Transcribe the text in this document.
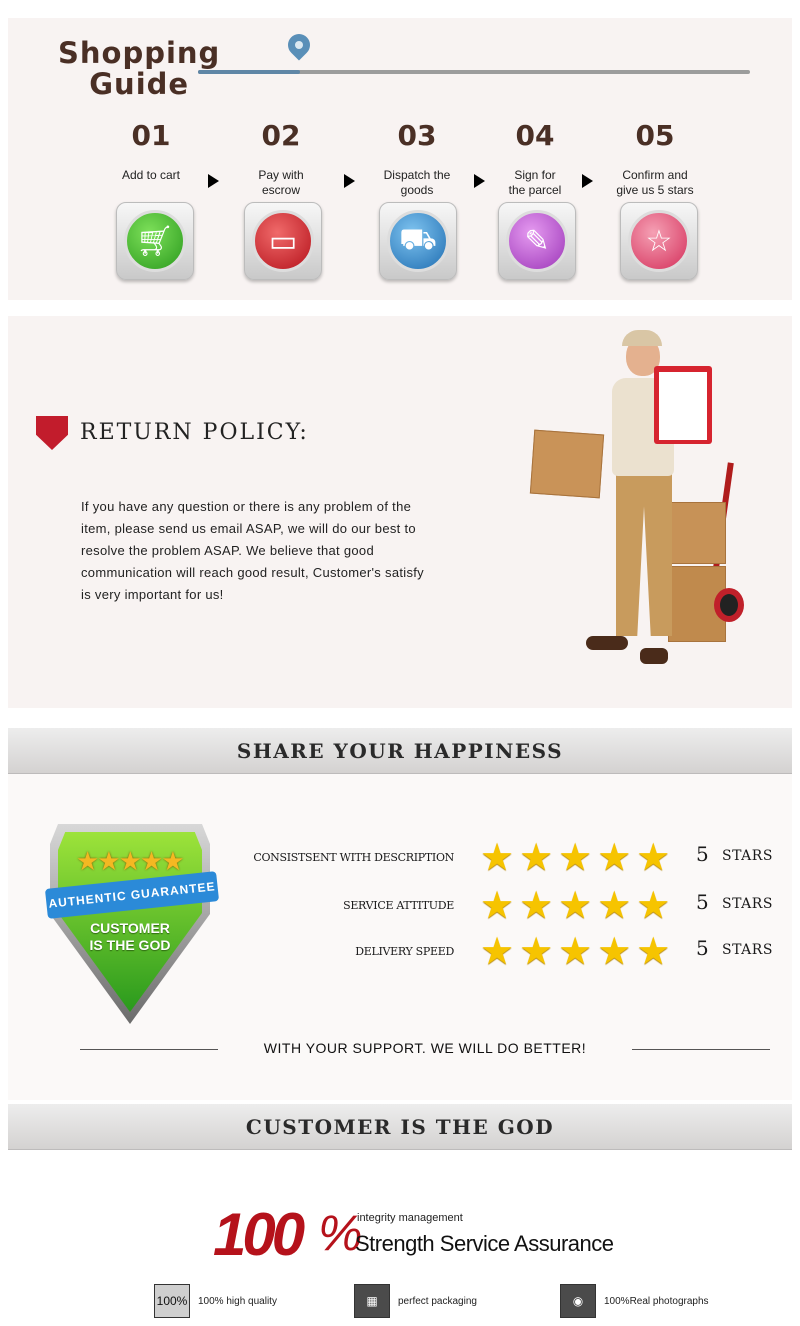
Shopping
Guide
01
Add to cart
02
Pay with
escrow
03
Dispatch the
goods
04
Sign for
the parcel
05
Confirm and
give us 5 stars
🛒︎	▭	⛟	✎	☆
RETURN POLICY:

If you have any question or there is any problem of the item, please send us email ASAP, we will do our best to resolve the problem ASAP. We believe that good communication will reach good result, Customer's satisfy is very important for us!

SHARE YOUR HAPPINESS
★★★★★
AUTHENTIC GUARANTEE
CUSTOMER IS THE GOD
CONSISTSENT WITH DESCRIPTION ★★★★★ 5 STARS
SERVICE ATTITUDE ★★★★★ 5 STARS
DELIVERY SPEED ★★★★★ 5 STARS
WITH YOUR SUPPORT. WE WILL DO BETTER!
CUSTOMER IS THE GOD
100 %
integrity management
Strength Service Assurance
100% 100% high quality	▦	perfect packaging	◉	100%Real photographs
